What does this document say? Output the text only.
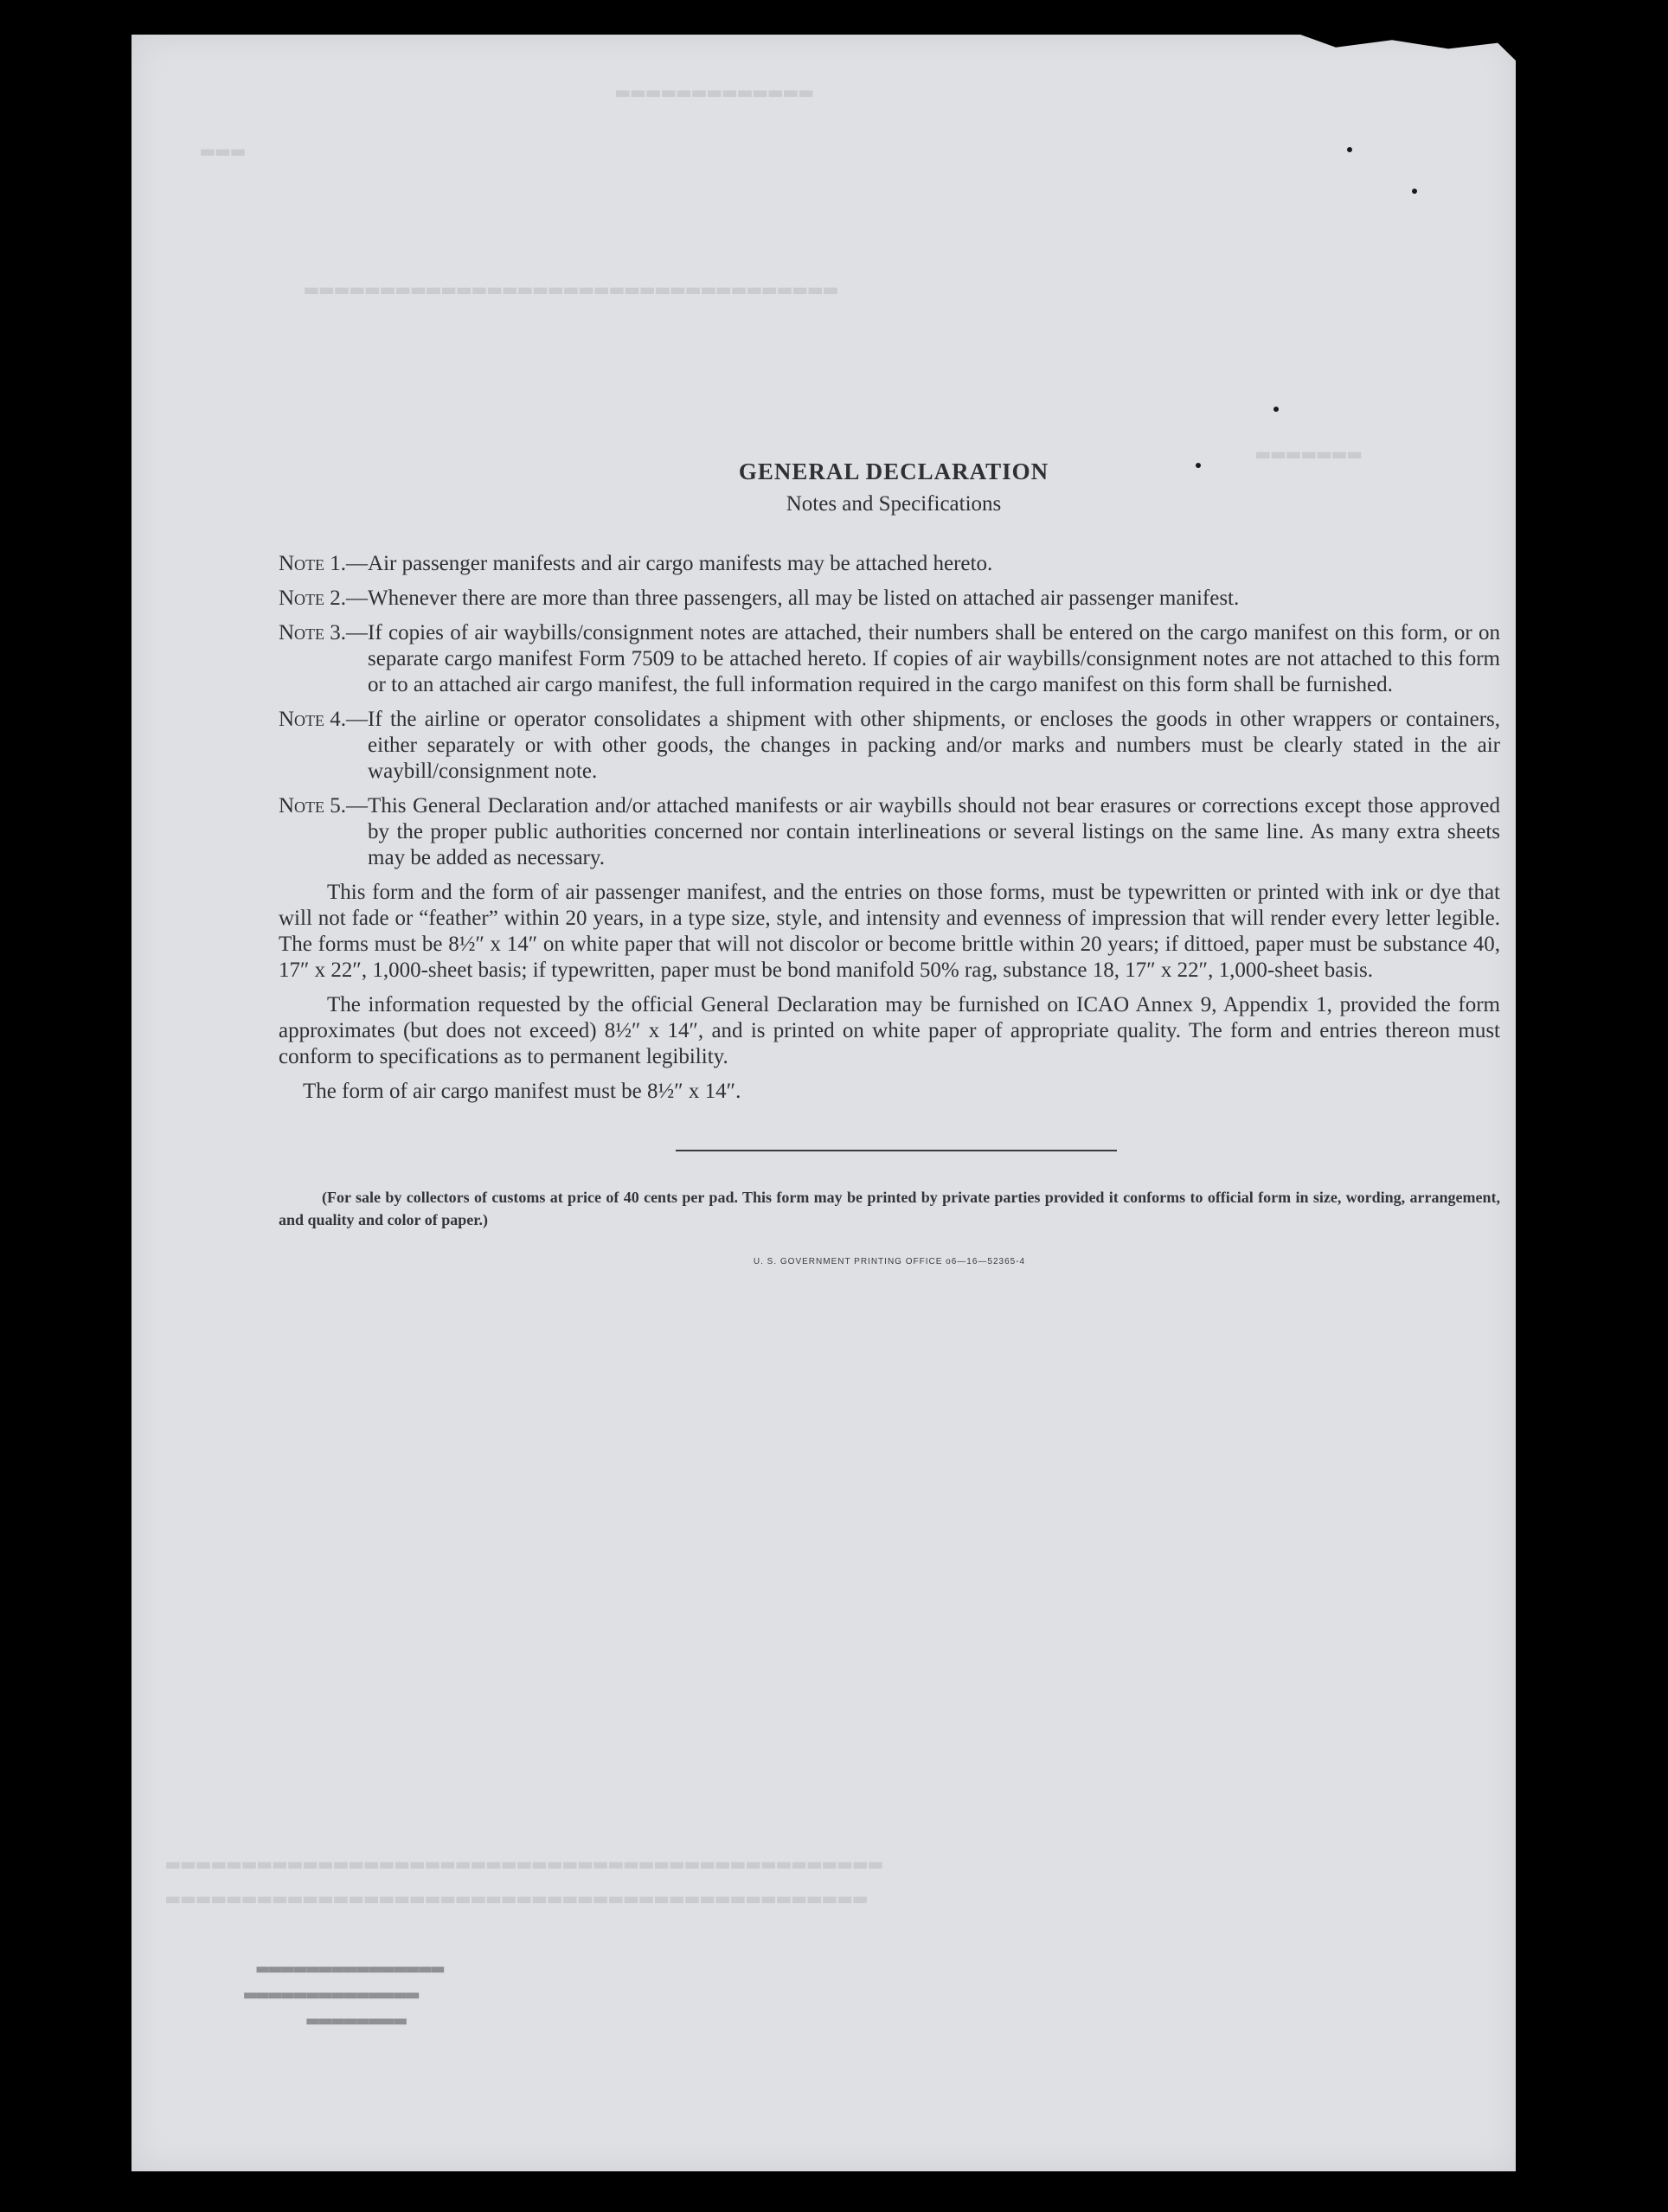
▬▬▬▬▬▬▬▬▬▬▬▬▬
▬▬▬
▬▬▬▬▬▬▬▬▬▬▬▬▬▬▬▬▬▬▬▬▬▬▬▬▬▬▬▬▬▬▬▬▬▬▬
▬▬▬▬▬▬▬
▬▬▬▬▬▬▬▬▬▬▬▬▬▬▬▬▬▬▬▬▬▬▬▬▬▬▬▬▬▬▬▬▬▬▬▬▬▬▬▬▬▬▬▬▬▬▬
▬▬▬▬▬▬▬▬▬▬▬▬▬▬▬▬▬▬▬▬▬▬▬▬▬▬▬▬▬▬▬▬▬▬▬▬▬▬▬▬▬▬▬▬▬▬
GENERAL DECLARATION
Notes and Specifications
Note 1. — Air passenger manifests and air cargo manifests may be attached hereto.
Note 2. — Whenever there are more than three passengers, all may be listed on attached air passenger manifest.
Note 3. — If copies of air waybills/consignment notes are attached, their numbers shall be entered on the cargo manifest on this form, or on separate cargo manifest Form 7509 to be attached hereto. If copies of air waybills/consignment notes are not attached to this form or to an attached air cargo manifest, the full information required in the cargo manifest on this form shall be furnished.
Note 4. — If the airline or operator consolidates a shipment with other shipments, or encloses the goods in other wrappers or containers, either separately or with other goods, the changes in packing and/or marks and numbers must be clearly stated in the air waybill/consignment note.
Note 5. — This General Declaration and/or attached manifests or air waybills should not bear erasures or corrections except those approved by the proper public authorities concerned nor contain interlineations or several listings on the same line. As many extra sheets may be added as necessary.

This form and the form of air passenger manifest, and the entries on those forms, must be typewritten or printed with ink or dye that will not fade or “feather” within 20 years, in a type size, style, and intensity and evenness of impression that will render every letter legible. The forms must be 8½″ x 14″ on white paper that will not discolor or become brittle within 20 years; if dittoed, paper must be substance 40, 17″ x 22″, 1,000-sheet basis; if typewritten, paper must be bond manifold 50% rag, substance 18, 17″ x 22″, 1,000-sheet basis.

The information requested by the official General Declaration may be furnished on ICAO Annex 9, Appendix 1, provided the form approximates (but does not exceed) 8½″ x 14″, and is printed on white paper of appropriate quality. The form and entries thereon must conform to specifications as to permanent legibility.

The form of air cargo manifest must be 8½″ x 14″.

(For sale by collectors of customs at price of 40 cents per pad. This form may be printed by private parties provided it conforms to official form in size, wording, arrangement, and quality and color of paper.)
U. S. GOVERNMENT PRINTING OFFICE o6—16—52365-4
▬▬▬▬▬▬▬▬▬▬▬▬▬▬▬
▬▬▬▬▬▬▬▬▬▬▬▬▬▬
▬▬▬▬▬▬▬▬
